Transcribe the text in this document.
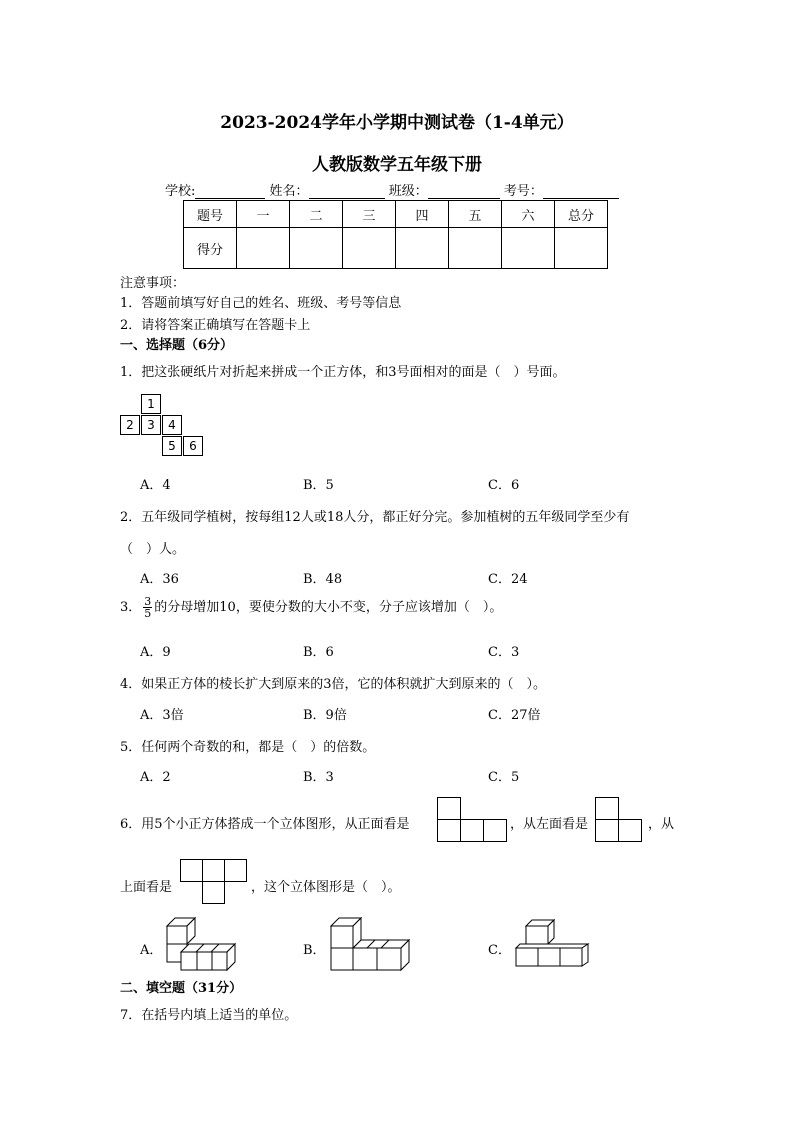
2023-2024学年小学期中测试卷（1-4单元）
人教版数学五年级下册
学校:	姓名：	班级：	考号：
题号	一	二	三	四	五	六	总分
得分							
注意事项：
1．答题前填写好自己的姓名、班级、考号等信息
2．请将答案正确填写在答题卡上
一、选择题（6分）
1．把这张硬纸片对折起来拼成一个正方体，和3号面相对的面是（　）号面。
1
2	3	4
5	6
A．4	B．5	C．6
2．五年级同学植树，按每组12人或18人分，都正好分完。参加植树的五年级同学至少有
（　）人。
A．36	B．48	C．24
3． $\frac{3}{5}$ 的分母增加10，要使分数的大小不变，分子应该增加（　）。
A．9	B．6	C．3
4．如果正方体的棱长扩大到原来的3倍，它的体积就扩大到原来的（　）。
A．3倍	B．9倍	C．27倍
5．任何两个奇数的和，都是（　）的倍数。
A．2	B．3	C．5
6．用5个小正方体搭成一个立体图形，从正面看是	，从左面看是	，从
上面看是	，这个立体图形是（　）。
A．	B．	C．
二、填空题（31分）
7．在括号内填上适当的单位。
